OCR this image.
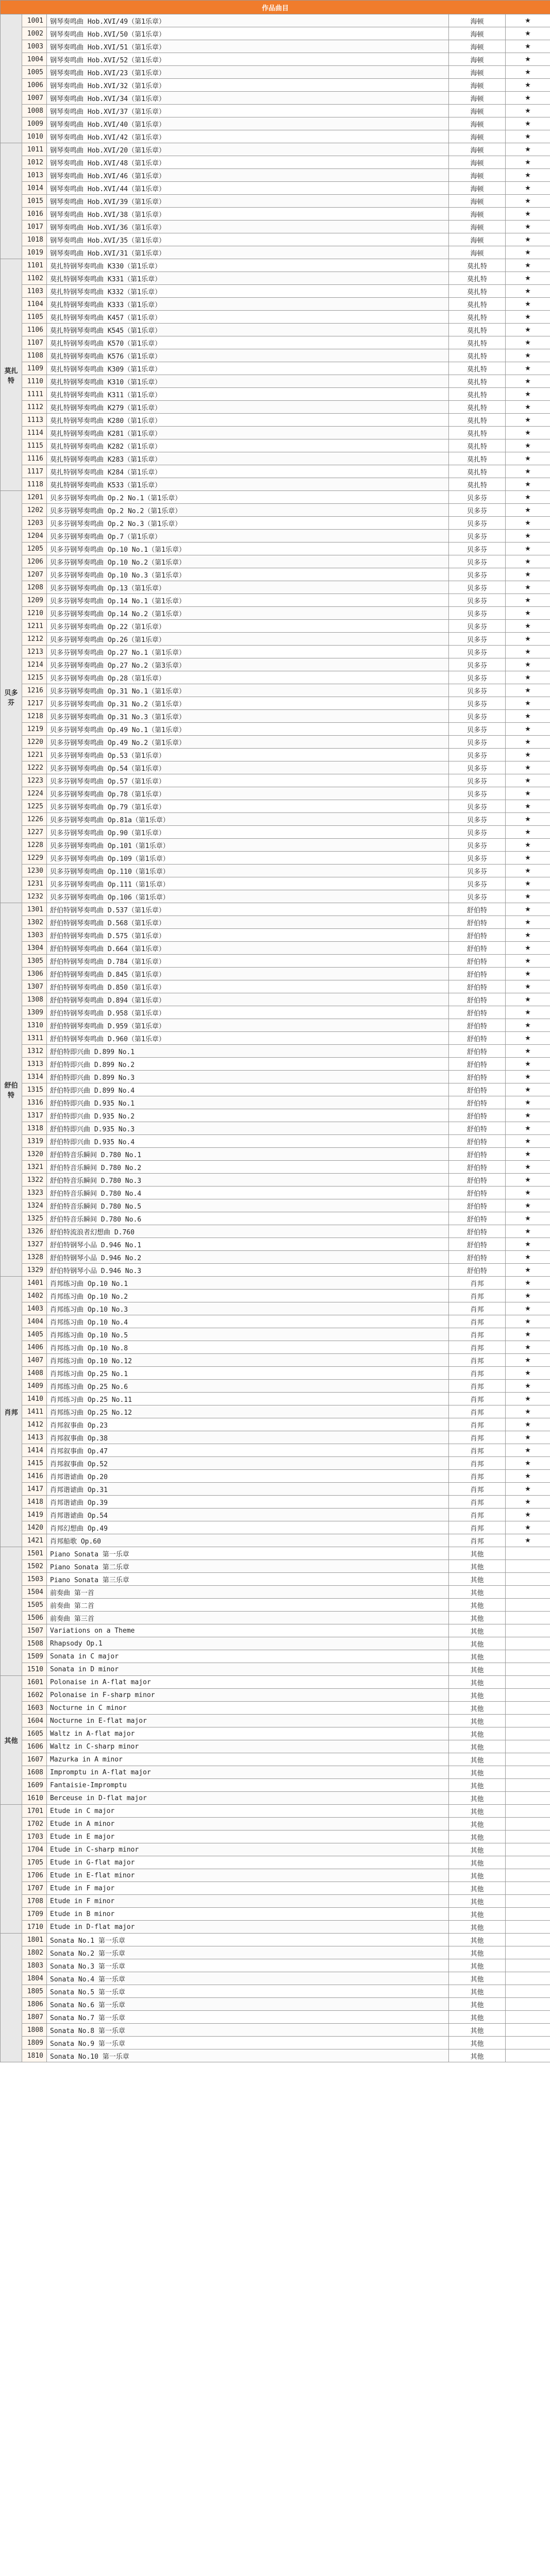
作品曲目				
	1001	钢琴奏鸣曲 Hob.XVI/49（第1乐章）	海顿	★
	1002	钢琴奏鸣曲 Hob.XVI/50（第1乐章）	海顿	★
	1003	钢琴奏鸣曲 Hob.XVI/51（第1乐章）	海顿	★
	1004	钢琴奏鸣曲 Hob.XVI/52（第1乐章）	海顿	★
	1005	钢琴奏鸣曲 Hob.XVI/23（第1乐章）	海顿	★
	1006	钢琴奏鸣曲 Hob.XVI/32（第1乐章）	海顿	★
	1007	钢琴奏鸣曲 Hob.XVI/34（第1乐章）	海顿	★
	1008	钢琴奏鸣曲 Hob.XVI/37（第1乐章）	海顿	★
	1009	钢琴奏鸣曲 Hob.XVI/40（第1乐章）	海顿	★
	1010	钢琴奏鸣曲 Hob.XVI/42（第1乐章）	海顿	★
	1011	钢琴奏鸣曲 Hob.XVI/20（第1乐章）	海顿	★
	1012	钢琴奏鸣曲 Hob.XVI/48（第1乐章）	海顿	★
	1013	钢琴奏鸣曲 Hob.XVI/46（第1乐章）	海顿	★
	1014	钢琴奏鸣曲 Hob.XVI/44（第1乐章）	海顿	★
	1015	钢琴奏鸣曲 Hob.XVI/39（第1乐章）	海顿	★
	1016	钢琴奏鸣曲 Hob.XVI/38（第1乐章）	海顿	★
	1017	钢琴奏鸣曲 Hob.XVI/36（第1乐章）	海顿	★
	1018	钢琴奏鸣曲 Hob.XVI/35（第1乐章）	海顿	★
	1019	钢琴奏鸣曲 Hob.XVI/31（第1乐章）	海顿	★
莫扎特	1101	莫扎特钢琴奏鸣曲 K330（第1乐章）	莫扎特	★
	1102	莫扎特钢琴奏鸣曲 K331（第1乐章）	莫扎特	★
	1103	莫扎特钢琴奏鸣曲 K332（第1乐章）	莫扎特	★
	1104	莫扎特钢琴奏鸣曲 K333（第1乐章）	莫扎特	★
	1105	莫扎特钢琴奏鸣曲 K457（第1乐章）	莫扎特	★
	1106	莫扎特钢琴奏鸣曲 K545（第1乐章）	莫扎特	★
	1107	莫扎特钢琴奏鸣曲 K570（第1乐章）	莫扎特	★
	1108	莫扎特钢琴奏鸣曲 K576（第1乐章）	莫扎特	★
	1109	莫扎特钢琴奏鸣曲 K309（第1乐章）	莫扎特	★
	1110	莫扎特钢琴奏鸣曲 K310（第1乐章）	莫扎特	★
	1111	莫扎特钢琴奏鸣曲 K311（第1乐章）	莫扎特	★
	1112	莫扎特钢琴奏鸣曲 K279（第1乐章）	莫扎特	★
	1113	莫扎特钢琴奏鸣曲 K280（第1乐章）	莫扎特	★
	1114	莫扎特钢琴奏鸣曲 K281（第1乐章）	莫扎特	★
	1115	莫扎特钢琴奏鸣曲 K282（第1乐章）	莫扎特	★
	1116	莫扎特钢琴奏鸣曲 K283（第1乐章）	莫扎特	★
	1117	莫扎特钢琴奏鸣曲 K284（第1乐章）	莫扎特	★
	1118	莫扎特钢琴奏鸣曲 K533（第1乐章）	莫扎特	★
贝多芬	1201	贝多芬钢琴奏鸣曲 Op.2 No.1（第1乐章）	贝多芬	★
	1202	贝多芬钢琴奏鸣曲 Op.2 No.2（第1乐章）	贝多芬	★
	1203	贝多芬钢琴奏鸣曲 Op.2 No.3（第1乐章）	贝多芬	★
	1204	贝多芬钢琴奏鸣曲 Op.7（第1乐章）	贝多芬	★
	1205	贝多芬钢琴奏鸣曲 Op.10 No.1（第1乐章）	贝多芬	★
	1206	贝多芬钢琴奏鸣曲 Op.10 No.2（第1乐章）	贝多芬	★
	1207	贝多芬钢琴奏鸣曲 Op.10 No.3（第1乐章）	贝多芬	★
	1208	贝多芬钢琴奏鸣曲 Op.13（第1乐章）	贝多芬	★
	1209	贝多芬钢琴奏鸣曲 Op.14 No.1（第1乐章）	贝多芬	★
	1210	贝多芬钢琴奏鸣曲 Op.14 No.2（第1乐章）	贝多芬	★
	1211	贝多芬钢琴奏鸣曲 Op.22（第1乐章）	贝多芬	★
	1212	贝多芬钢琴奏鸣曲 Op.26（第1乐章）	贝多芬	★
	1213	贝多芬钢琴奏鸣曲 Op.27 No.1（第1乐章）	贝多芬	★
	1214	贝多芬钢琴奏鸣曲 Op.27 No.2（第3乐章）	贝多芬	★
	1215	贝多芬钢琴奏鸣曲 Op.28（第1乐章）	贝多芬	★
	1216	贝多芬钢琴奏鸣曲 Op.31 No.1（第1乐章）	贝多芬	★
	1217	贝多芬钢琴奏鸣曲 Op.31 No.2（第1乐章）	贝多芬	★
	1218	贝多芬钢琴奏鸣曲 Op.31 No.3（第1乐章）	贝多芬	★
	1219	贝多芬钢琴奏鸣曲 Op.49 No.1（第1乐章）	贝多芬	★
	1220	贝多芬钢琴奏鸣曲 Op.49 No.2（第1乐章）	贝多芬	★
	1221	贝多芬钢琴奏鸣曲 Op.53（第1乐章）	贝多芬	★
	1222	贝多芬钢琴奏鸣曲 Op.54（第1乐章）	贝多芬	★
	1223	贝多芬钢琴奏鸣曲 Op.57（第1乐章）	贝多芬	★
	1224	贝多芬钢琴奏鸣曲 Op.78（第1乐章）	贝多芬	★
	1225	贝多芬钢琴奏鸣曲 Op.79（第1乐章）	贝多芬	★
	1226	贝多芬钢琴奏鸣曲 Op.81a（第1乐章）	贝多芬	★
	1227	贝多芬钢琴奏鸣曲 Op.90（第1乐章）	贝多芬	★
	1228	贝多芬钢琴奏鸣曲 Op.101（第1乐章）	贝多芬	★
	1229	贝多芬钢琴奏鸣曲 Op.109（第1乐章）	贝多芬	★
	1230	贝多芬钢琴奏鸣曲 Op.110（第1乐章）	贝多芬	★
	1231	贝多芬钢琴奏鸣曲 Op.111（第1乐章）	贝多芬	★
	1232	贝多芬钢琴奏鸣曲 Op.106（第1乐章）	贝多芬	★
舒伯特	1301	舒伯特钢琴奏鸣曲 D.537（第1乐章）	舒伯特	★
	1302	舒伯特钢琴奏鸣曲 D.568（第1乐章）	舒伯特	★
	1303	舒伯特钢琴奏鸣曲 D.575（第1乐章）	舒伯特	★
	1304	舒伯特钢琴奏鸣曲 D.664（第1乐章）	舒伯特	★
	1305	舒伯特钢琴奏鸣曲 D.784（第1乐章）	舒伯特	★
	1306	舒伯特钢琴奏鸣曲 D.845（第1乐章）	舒伯特	★
	1307	舒伯特钢琴奏鸣曲 D.850（第1乐章）	舒伯特	★
	1308	舒伯特钢琴奏鸣曲 D.894（第1乐章）	舒伯特	★
	1309	舒伯特钢琴奏鸣曲 D.958（第1乐章）	舒伯特	★
	1310	舒伯特钢琴奏鸣曲 D.959（第1乐章）	舒伯特	★
	1311	舒伯特钢琴奏鸣曲 D.960（第1乐章）	舒伯特	★
	1312	舒伯特即兴曲 D.899 No.1	舒伯特	★
	1313	舒伯特即兴曲 D.899 No.2	舒伯特	★
	1314	舒伯特即兴曲 D.899 No.3	舒伯特	★
	1315	舒伯特即兴曲 D.899 No.4	舒伯特	★
	1316	舒伯特即兴曲 D.935 No.1	舒伯特	★
	1317	舒伯特即兴曲 D.935 No.2	舒伯特	★
	1318	舒伯特即兴曲 D.935 No.3	舒伯特	★
	1319	舒伯特即兴曲 D.935 No.4	舒伯特	★
	1320	舒伯特音乐瞬间 D.780 No.1	舒伯特	★
	1321	舒伯特音乐瞬间 D.780 No.2	舒伯特	★
	1322	舒伯特音乐瞬间 D.780 No.3	舒伯特	★
	1323	舒伯特音乐瞬间 D.780 No.4	舒伯特	★
	1324	舒伯特音乐瞬间 D.780 No.5	舒伯特	★
	1325	舒伯特音乐瞬间 D.780 No.6	舒伯特	★
	1326	舒伯特流浪者幻想曲 D.760	舒伯特	★
	1327	舒伯特钢琴小品 D.946 No.1	舒伯特	★
	1328	舒伯特钢琴小品 D.946 No.2	舒伯特	★
	1329	舒伯特钢琴小品 D.946 No.3	舒伯特	★
肖邦	1401	肖邦练习曲 Op.10 No.1	肖邦	★
	1402	肖邦练习曲 Op.10 No.2	肖邦	★
	1403	肖邦练习曲 Op.10 No.3	肖邦	★
	1404	肖邦练习曲 Op.10 No.4	肖邦	★
	1405	肖邦练习曲 Op.10 No.5	肖邦	★
	1406	肖邦练习曲 Op.10 No.8	肖邦	★
	1407	肖邦练习曲 Op.10 No.12	肖邦	★
	1408	肖邦练习曲 Op.25 No.1	肖邦	★
	1409	肖邦练习曲 Op.25 No.6	肖邦	★
	1410	肖邦练习曲 Op.25 No.11	肖邦	★
	1411	肖邦练习曲 Op.25 No.12	肖邦	★
	1412	肖邦叙事曲 Op.23	肖邦	★
	1413	肖邦叙事曲 Op.38	肖邦	★
	1414	肖邦叙事曲 Op.47	肖邦	★
	1415	肖邦叙事曲 Op.52	肖邦	★
	1416	肖邦谐谑曲 Op.20	肖邦	★
	1417	肖邦谐谑曲 Op.31	肖邦	★
	1418	肖邦谐谑曲 Op.39	肖邦	★
	1419	肖邦谐谑曲 Op.54	肖邦	★
	1420	肖邦幻想曲 Op.49	肖邦	★
	1421	肖邦船歌 Op.60	肖邦	★
	1501	Piano Sonata 第一乐章	其他	
	1502	Piano Sonata 第二乐章	其他	
	1503	Piano Sonata 第三乐章	其他	
	1504	前奏曲 第一首	其他	
	1505	前奏曲 第二首	其他	
	1506	前奏曲 第三首	其他	
	1507	Variations on a Theme	其他	
	1508	Rhapsody Op.1	其他	
	1509	Sonata in C major	其他	
	1510	Sonata in D minor	其他	
其他	1601	Polonaise in A-flat major	其他	
	1602	Polonaise in F-sharp minor	其他	
	1603	Nocturne in C minor	其他	
	1604	Nocturne in E-flat major	其他	
	1605	Waltz in A-flat major	其他	
	1606	Waltz in C-sharp minor	其他	
	1607	Mazurka in A minor	其他	
	1608	Impromptu in A-flat major	其他	
	1609	Fantaisie-Impromptu	其他	
	1610	Berceuse in D-flat major	其他	
	1701	Etude in C major	其他	
	1702	Etude in A minor	其他	
	1703	Etude in E major	其他	
	1704	Etude in C-sharp minor	其他	
	1705	Etude in G-flat major	其他	
	1706	Etude in E-flat minor	其他	
	1707	Etude in F major	其他	
	1708	Etude in F minor	其他	
	1709	Etude in B minor	其他	
	1710	Etude in D-flat major	其他	
	1801	Sonata No.1 第一乐章	其他	
	1802	Sonata No.2 第一乐章	其他	
	1803	Sonata No.3 第一乐章	其他	
	1804	Sonata No.4 第一乐章	其他	
	1805	Sonata No.5 第一乐章	其他	
	1806	Sonata No.6 第一乐章	其他	
	1807	Sonata No.7 第一乐章	其他	
	1808	Sonata No.8 第一乐章	其他	
	1809	Sonata No.9 第一乐章	其他	
	1810	Sonata No.10 第一乐章	其他	
